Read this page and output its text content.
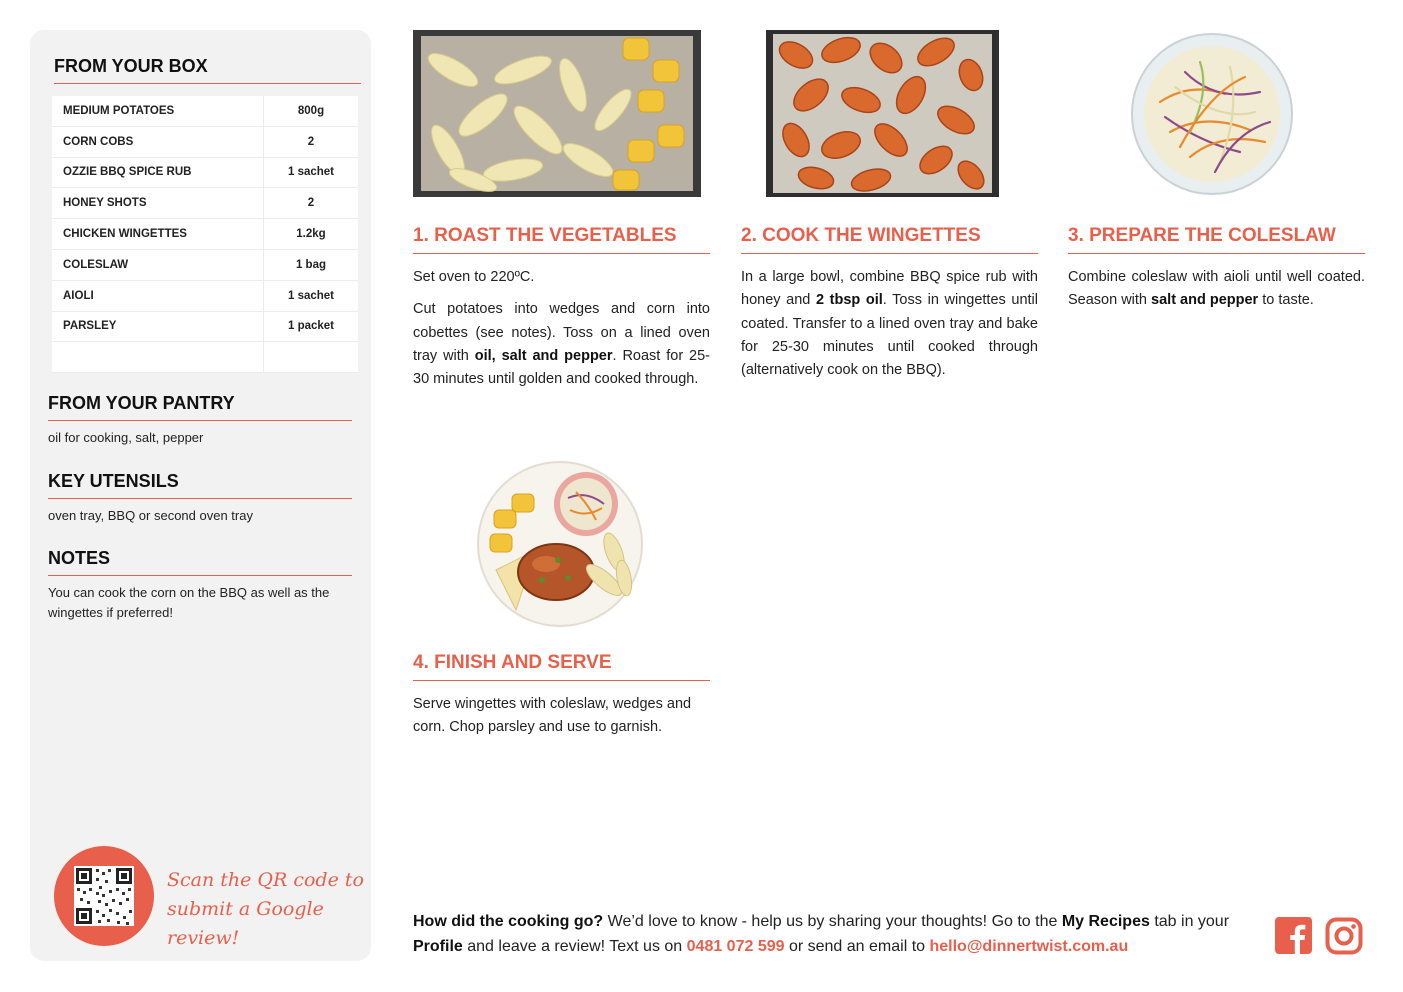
FROM YOUR BOX
MEDIUM POTATOES	800g
CORN COBS	2
OZZIE BBQ SPICE RUB	1 sachet
HONEY SHOTS	2
CHICKEN WINGETTES	1.2kg
COLESLAW	1 bag
AIOLI	1 sachet
PARSLEY	1 packet

FROM YOUR PANTRY
oil for cooking, salt, pepper
KEY UTENSILS
oven tray, BBQ or second oven tray
NOTES
You can cook the corn on the BBQ as well as the wingettes if preferred!
Scan the QR code to
submit a Google review!
1. ROAST THE VEGETABLES

Set oven to 220ºC.

Cut potatoes into wedges and corn into cobettes (see notes). Toss on a lined oven tray with oil, salt and pepper. Roast for 25-30 minutes until golden and cooked through.

2. COOK THE WINGETTES

In a large bowl, combine BBQ spice rub with honey and 2 tbsp oil. Toss in wingettes until coated. Transfer to a lined oven tray and bake for 25-30 minutes until cooked through (alternatively cook on the BBQ).

3. PREPARE THE COLESLAW

Combine coleslaw with aioli until well coated. Season with salt and pepper to taste.

4. FINISH AND SERVE

Serve wingettes with coleslaw, wedges and corn. Chop parsley and use to garnish.

How did the cooking go? We’d love to know - help us by sharing your thoughts! Go to the My Recipes tab in your Profile and leave a review! Text us on 0481 072 599 or send an email to hello@dinnertwist.com.au
